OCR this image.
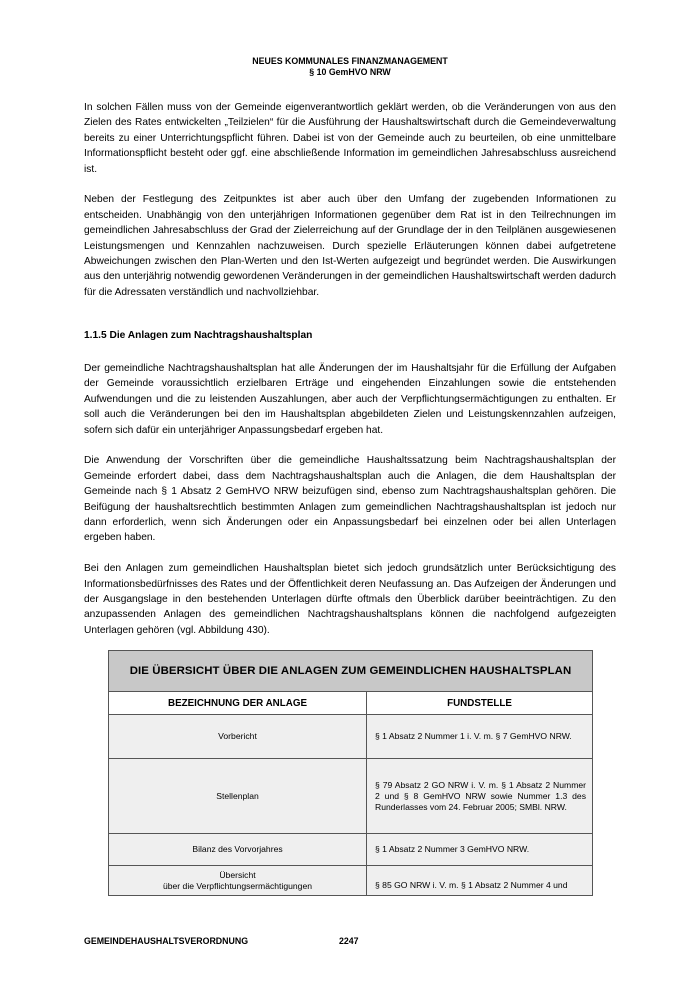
NEUES KOMMUNALES FINANZMANAGEMENT
§ 10 GemHVO NRW

In solchen Fällen muss von der Gemeinde eigenverantwortlich geklärt werden, ob die Veränderungen von aus den Zielen des Rates entwickelten „Teilzielen“ für die Ausführung der Haushaltswirtschaft durch die Gemeindeverwaltung bereits zu einer Unterrichtungspflicht führen. Dabei ist von der Gemeinde auch zu beurteilen, ob eine unmittelbare Informationspflicht besteht oder ggf. eine abschließende Information im gemeindlichen Jahresabschluss ausreichend ist.

Neben der Festlegung des Zeitpunktes ist aber auch über den Umfang der zugebenden Informationen zu entscheiden. Unabhängig von den unterjährigen Informationen gegenüber dem Rat ist in den Teilrechnungen im gemeindlichen Jahresabschluss der Grad der Zielerreichung auf der Grundlage der in den Teilplänen ausgewiesenen Leistungsmengen und Kennzahlen nachzuweisen. Durch spezielle Erläuterungen können dabei aufgetretene Abweichungen zwischen den Plan-Werten und den Ist-Werten aufgezeigt und begründet werden. Die Auswirkungen aus den unterjährig notwendig gewordenen Veränderungen in der gemeindlichen Haushaltswirtschaft werden dadurch für die Adressaten verständlich und nachvollziehbar.

1.1.5 Die Anlagen zum Nachtragshaushaltsplan

Der gemeindliche Nachtragshaushaltsplan hat alle Änderungen der im Haushaltsjahr für die Erfüllung der Aufgaben der Gemeinde voraussichtlich erzielbaren Erträge und eingehenden Einzahlungen sowie die entstehenden Aufwendungen und die zu leistenden Auszahlungen, aber auch der Verpflichtungsermächtigungen zu enthalten. Er soll auch die Veränderungen bei den im Haushaltsplan abgebildeten Zielen und Leistungskennzahlen aufzeigen, sofern sich dafür ein unterjähriger Anpassungsbedarf ergeben hat.

Die Anwendung der Vorschriften über die gemeindliche Haushaltssatzung beim Nachtragshaushaltsplan der Gemeinde erfordert dabei, dass dem Nachtragshaushaltsplan auch die Anlagen, die dem Haushaltsplan der Gemeinde nach § 1 Absatz 2 GemHVO NRW beizufügen sind, ebenso zum Nachtragshaushaltsplan gehören. Die Beifügung der haushaltsrechtlich bestimmten Anlagen zum gemeindlichen Nachtragshaushaltsplan ist jedoch nur dann erforderlich, wenn sich Änderungen oder ein Anpassungsbedarf bei einzelnen oder bei allen Unterlagen ergeben haben.

Bei den Anlagen zum gemeindlichen Haushaltsplan bietet sich jedoch grundsätzlich unter Berücksichtigung des Informationsbedürfnisses des Rates und der Öffentlichkeit deren Neufassung an. Das Aufzeigen der Änderungen und der Ausgangslage in den bestehenden Unterlagen dürfte oftmals den Überblick darüber beeinträchtigen. Zu den anzupassenden Anlagen des gemeindlichen Nachtragshaushaltsplans können die nachfolgend aufgezeigten Unterlagen gehören (vgl. Abbildung 430).

DIE ÜBERSICHT ÜBER DIE ANLAGEN ZUM GEMEINDLICHEN HAUSHALTSPLAN	
BEZEICHNUNG DER ANLAGE	FUNDSTELLE
Vorbericht	§ 1 Absatz 2 Nummer 1 i. V. m. § 7 GemHVO NRW.
Stellenplan	§ 79 Absatz 2 GO NRW i. V. m. § 1 Absatz 2 Nummer 2 und § 8 GemHVO NRW sowie Nummer 1.3 des Runderlasses vom 24. Februar 2005; SMBl. NRW.
Bilanz des Vorvorjahres	§ 1 Absatz 2 Nummer 3 GemHVO NRW.
Übersicht
über die Verpflichtungsermächtigungen	§ 85 GO NRW i. V. m. § 1 Absatz 2 Nummer 4 und
GEMEINDEHAUSHALTSVERORDNUNG	2247
